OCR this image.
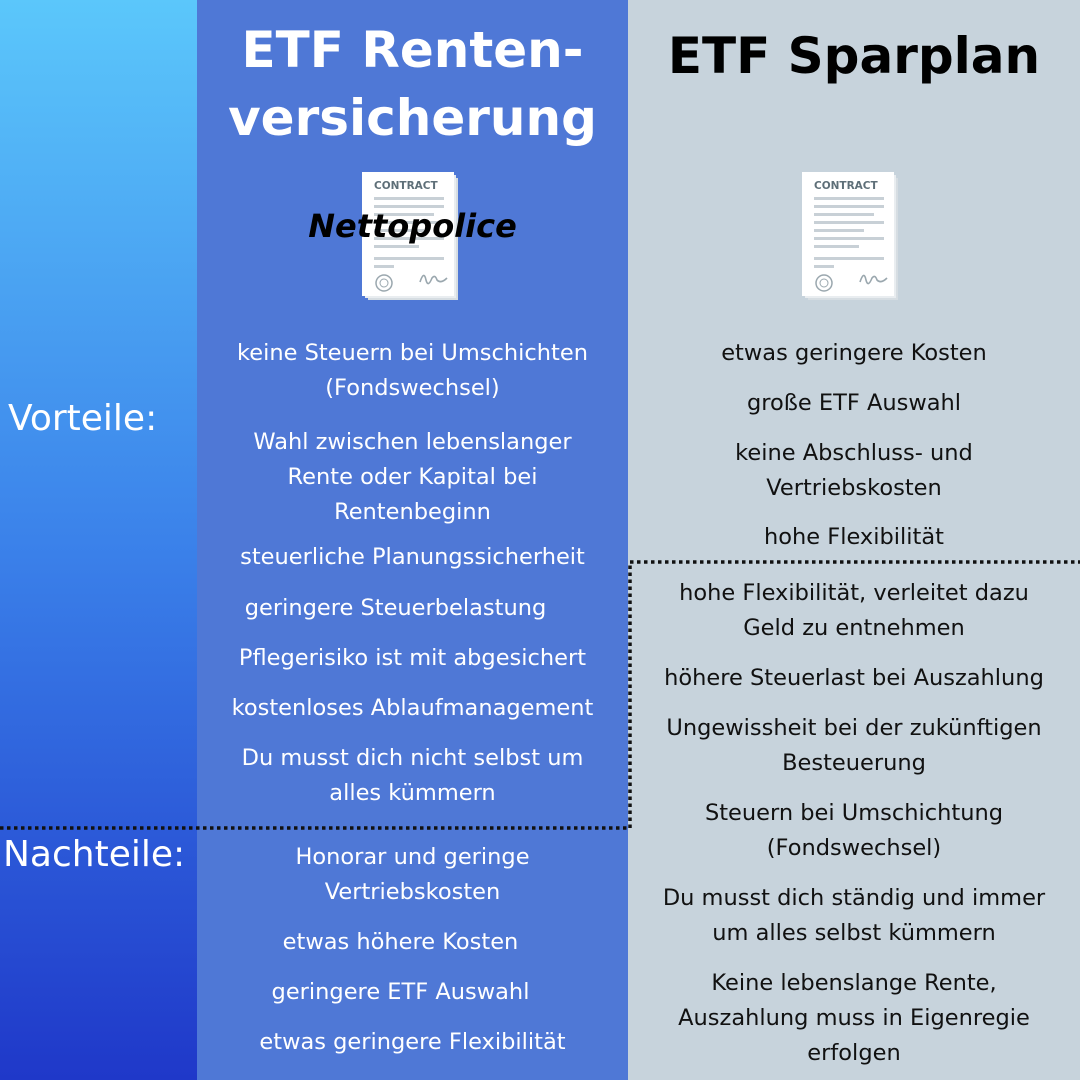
ETF Renten-
versicherung
ETF Sparplan
CONTRACT	CONTRACT
Nettopolice
Vorteile:
Nachteile:
keine Steuern bei Umschichten
(Fondswechsel)
Wahl zwischen lebenslanger
Rente oder Kapital bei
Rentenbeginn
steuerliche Planungssicherheit
geringere Steuerbelastung
Pflegerisiko ist mit abgesichert
kostenloses Ablaufmanagement
Du musst dich nicht selbst um
alles kümmern
Honorar und geringe
Vertriebskosten
etwas höhere Kosten
geringere ETF Auswahl
etwas geringere Flexibilität
etwas geringere Kosten
große ETF Auswahl
keine Abschluss- und
Vertriebskosten
hohe Flexibilität
hohe Flexibilität, verleitet dazu
Geld zu entnehmen
höhere Steuerlast bei Auszahlung
Ungewissheit bei der zukünftigen
Besteuerung
Steuern bei Umschichtung
(Fondswechsel)
Du musst dich ständig und immer
um alles selbst kümmern
Keine lebenslange Rente,
Auszahlung muss in Eigenregie
erfolgen
